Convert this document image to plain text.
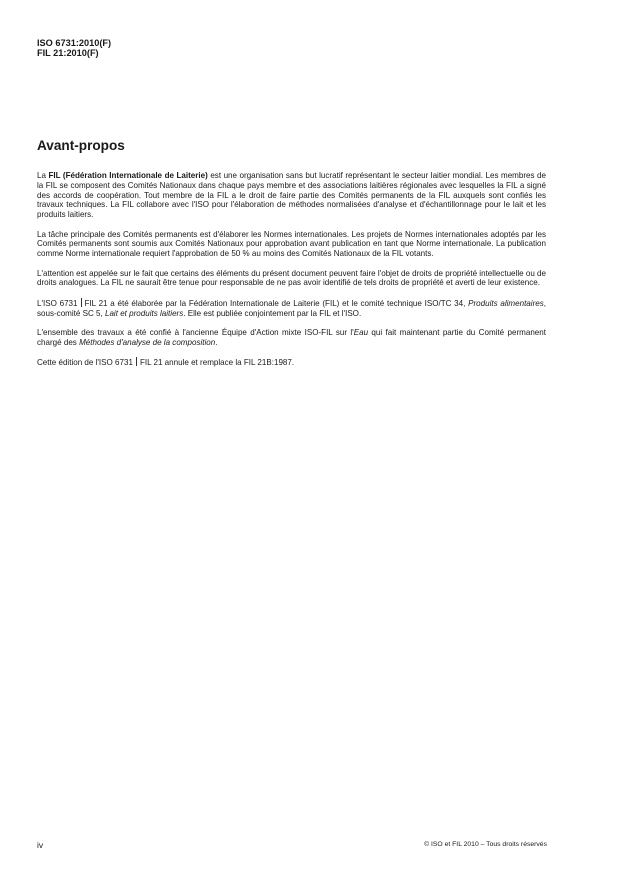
ISO 6731:2010(F)
FIL 21:2010(F)
Avant-propos

La FIL (Fédération Internationale de Laiterie) est une organisation sans but lucratif représentant le secteur laitier mondial. Les membres de la FIL se composent des Comités Nationaux dans chaque pays membre et des associations laitières régionales avec lesquelles la FIL a signé des accords de coopération. Tout membre de la FIL a le droit de faire partie des Comités permanents de la FIL auxquels sont confiés les travaux techniques. La FIL collabore avec l'ISO pour l'élaboration de méthodes normalisées d'analyse et d'échantillonnage pour le lait et les produits laitiers.

La tâche principale des Comités permanents est d'élaborer les Normes internationales. Les projets de Normes internationales adoptés par les Comités permanents sont soumis aux Comités Nationaux pour approbation avant publication en tant que Norme internationale. La publication comme Norme internationale requiert l'approbation de 50 % au moins des Comités Nationaux de la FIL votants.

L'attention est appelée sur le fait que certains des éléments du présent document peuvent faire l'objet de droits de propriété intellectuelle ou de droits analogues. La FIL ne saurait être tenue pour responsable de ne pas avoir identifié de tels droits de propriété et averti de leur existence.

L'ISO 6731 FIL 21 a été élaborée par la Fédération Internationale de Laiterie (FIL) et le comité technique ISO/TC 34, Produits alimentaires, sous-comité SC 5, Lait et produits laitiers. Elle est publiée conjointement par la FIL et l'ISO.

L'ensemble des travaux a été confié à l'ancienne Équipe d'Action mixte ISO-FIL sur l'Eau qui fait maintenant partie du Comité permanent chargé des Méthodes d'analyse de la composition.

Cette édition de l'ISO 6731 FIL 21 annule et remplace la FIL 21B:1987.

iv	© ISO et FIL 2010 – Tous droits réservés
